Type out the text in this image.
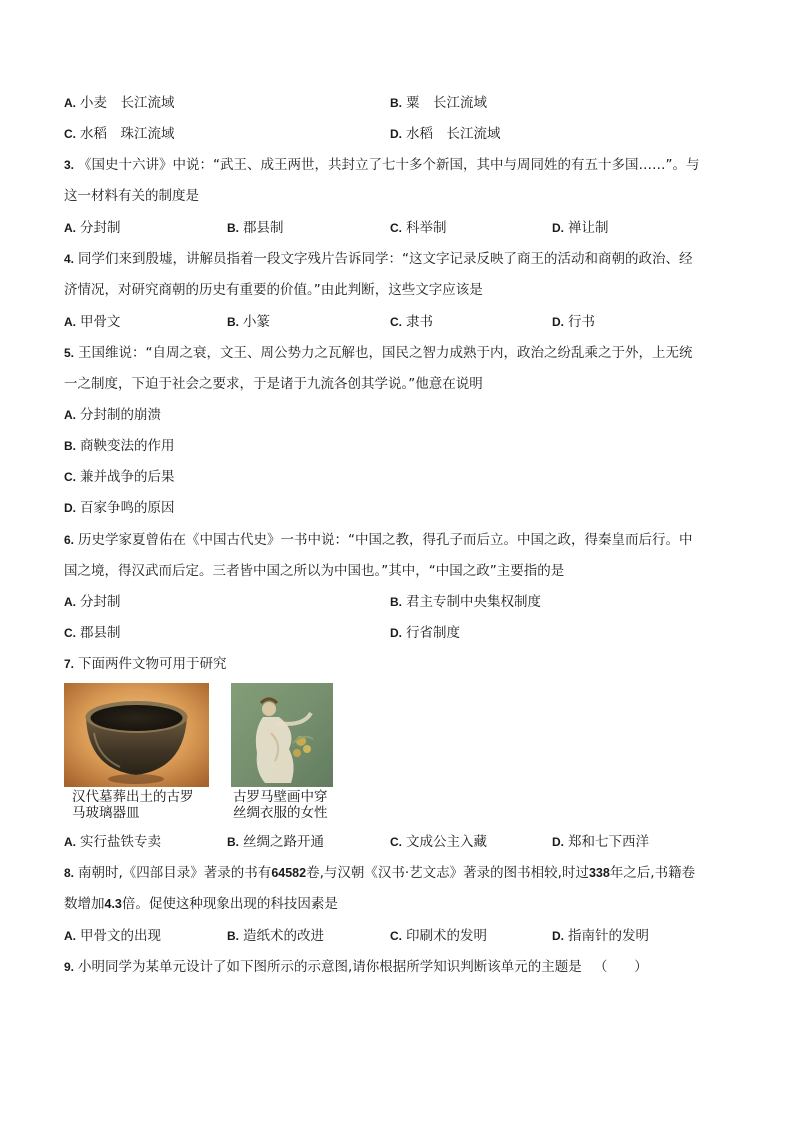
A. 小麦　长江流域	B. 粟　长江流域
C. 水稻　珠江流域	D. 水稻　长江流域
3. 《国史十六讲》中说：“武王、成王两世，共封立了七十多个新国，其中与周同姓的有五十多国……”。与
这一材料有关的制度是
A. 分封制	B. 郡县制	C. 科举制	D. 禅让制
4. 同学们来到殷墟，讲解员指着一段文字残片告诉同学：“这文字记录反映了商王的活动和商朝的政治、经
济情况，对研究商朝的历史有重要的价值。”由此判断，这些文字应该是
A. 甲骨文	B. 小篆	C. 隶书	D. 行书
5. 王国维说：“自周之衰，文王、周公势力之瓦解也，国民之智力成熟于内，政治之纷乱乘之于外，上无统
一之制度，下迫于社会之要求，于是诸于九流各创其学说。”他意在说明
A. 分封制的崩溃
B. 商鞅变法的作用
C. 兼并战争的后果
D. 百家争鸣的原因
6. 历史学家夏曾佑在《中国古代史》一书中说：“中国之教，得孔子而后立。中国之政，得秦皇而后行。中
国之境，得汉武而后定。三者皆中国之所以为中国也。”其中，“中国之政”主要指的是
A. 分封制	B. 君主专制中央集权制度
C. 郡县制	D. 行省制度
7. 下面两件文物可用于研究
汉代墓葬出土的古罗
马玻璃器皿
古罗马壁画中穿
丝绸衣服的女性
A. 实行盐铁专卖	B. 丝绸之路开通	C. 文成公主入藏	D. 郑和七下西洋
8. 南朝时,《四部目录》著录的书有64582卷,与汉朝《汉书·艺文志》著录的图书相较,时过338年之后,书籍卷
数增加4.3倍。促使这种现象出现的科技因素是
A. 甲骨文的出现	B. 造纸术的改进	C. 印刷术的发明	D. 指南针的发明
9. 小明同学为某单元设计了如下图所示的示意图,请你根据所学知识判断该单元的主题是 （　　）
